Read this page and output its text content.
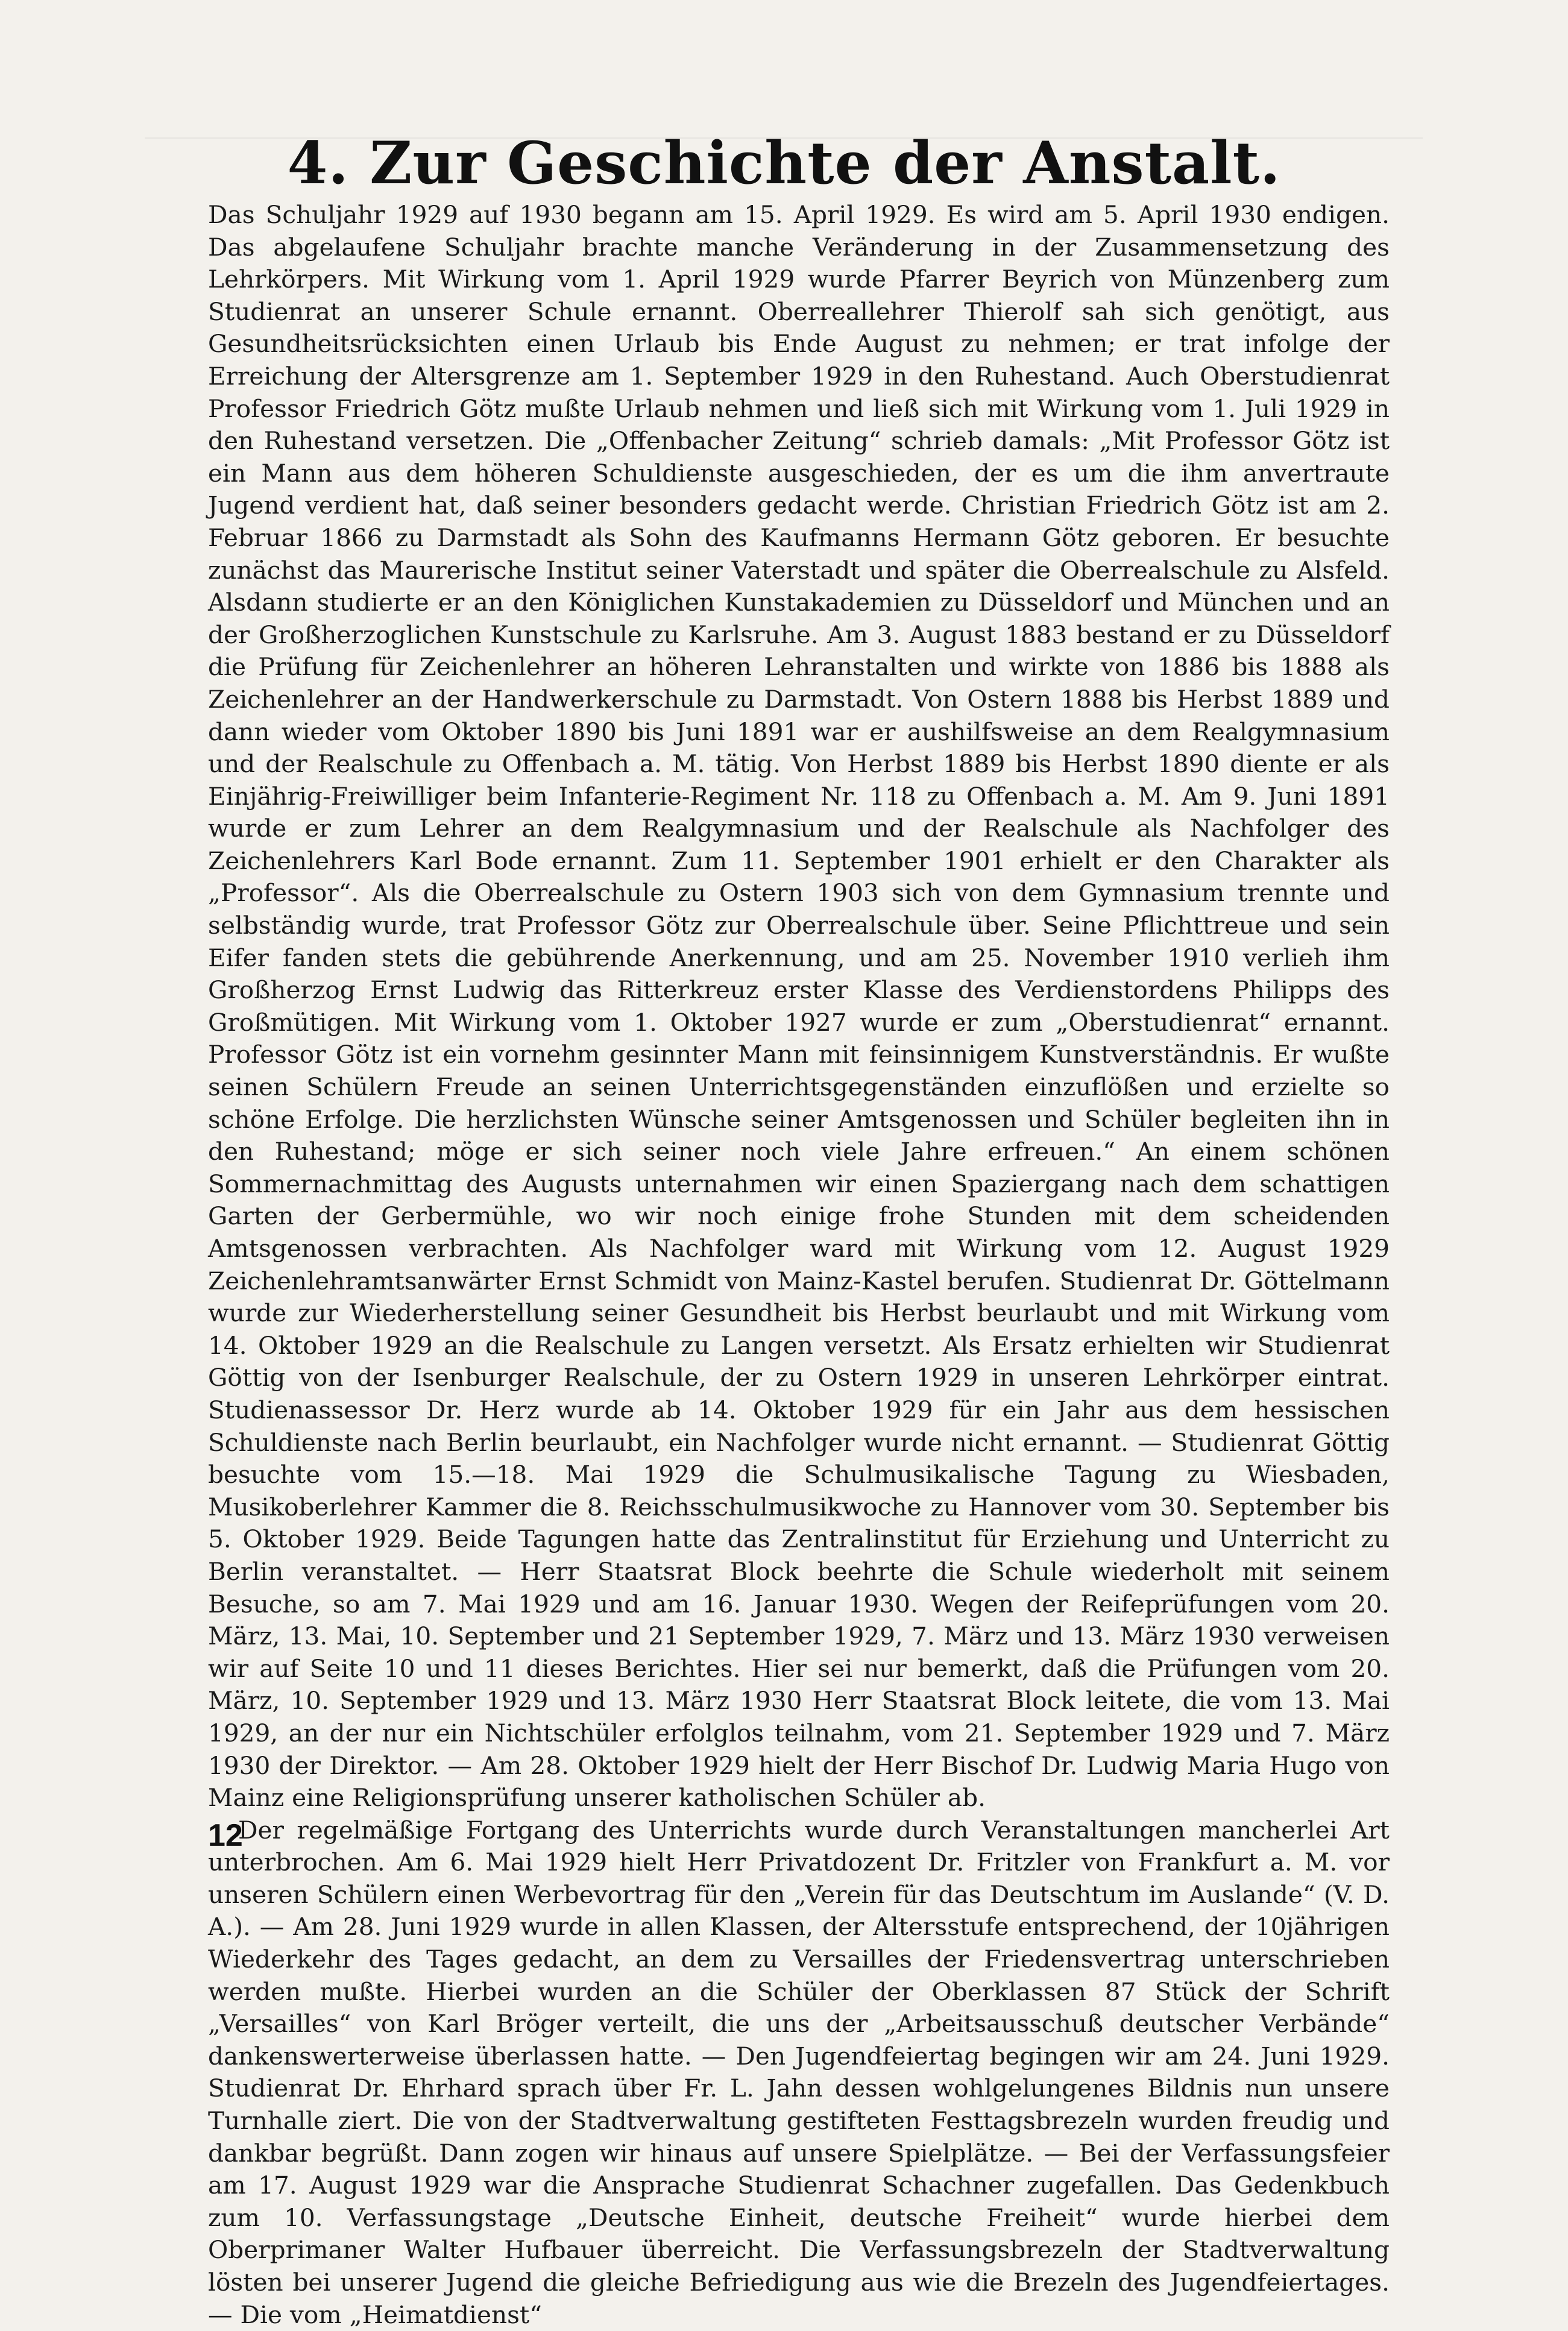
4. Zur Geschichte der Anstalt.

Das Schuljahr 1929 auf 1930 begann am 15. April 1929. Es wird am 5. April 1930 endigen. Das abgelaufene Schuljahr brachte manche Veränderung in der Zusammensetzung des Lehrkörpers. Mit Wirkung vom 1. April 1929 wurde Pfarrer Beyrich von Münzenberg zum Studienrat an unserer Schule ernannt. Oberreallehrer Thierolf sah sich genötigt, aus Gesundheitsrücksichten einen Urlaub bis Ende August zu nehmen; er trat infolge der Erreichung der Altersgrenze am 1. September 1929 in den Ruhestand. Auch Oberstudienrat Professor Friedrich Götz mußte Urlaub nehmen und ließ sich mit Wirkung vom 1. Juli 1929 in den Ruhestand versetzen. Die „Offenbacher Zeitung“ schrieb damals: „Mit Professor Götz ist ein Mann aus dem höheren Schuldienste ausgeschieden, der es um die ihm anvertraute Jugend verdient hat, daß seiner besonders gedacht werde. Christian Friedrich Götz ist am 2. Februar 1866 zu Darmstadt als Sohn des Kaufmanns Hermann Götz geboren. Er besuchte zunächst das Maurerische Institut seiner Vaterstadt und später die Oberrealschule zu Alsfeld. Alsdann studierte er an den Königlichen Kunstakademien zu Düsseldorf und München und an der Großherzoglichen Kunstschule zu Karlsruhe. Am 3. August 1883 bestand er zu Düsseldorf die Prüfung für Zeichenlehrer an höheren Lehranstalten und wirkte von 1886 bis 1888 als Zeichenlehrer an der Handwerkerschule zu Darmstadt. Von Ostern 1888 bis Herbst 1889 und dann wieder vom Oktober 1890 bis Juni 1891 war er aushilfsweise an dem Realgymnasium und der Realschule zu Offenbach a. M. tätig. Von Herbst 1889 bis Herbst 1890 diente er als Einjährig-Freiwilliger beim Infanterie-Regiment Nr. 118 zu Offenbach a. M. Am 9. Juni 1891 wurde er zum Lehrer an dem Realgymnasium und der Realschule als Nachfolger des Zeichenlehrers Karl Bode ernannt. Zum 11. September 1901 erhielt er den Charakter als „Professor“. Als die Oberrealschule zu Ostern 1903 sich von dem Gymnasium trennte und selbständig wurde, trat Professor Götz zur Oberrealschule über. Seine Pflichttreue und sein Eifer fanden stets die gebührende Anerkennung, und am 25. November 1910 verlieh ihm Großherzog Ernst Ludwig das Ritterkreuz erster Klasse des Verdienstordens Philipps des Großmütigen. Mit Wirkung vom 1. Oktober 1927 wurde er zum „Oberstudienrat“ ernannt. Professor Götz ist ein vornehm gesinnter Mann mit feinsinnigem Kunstverständnis. Er wußte seinen Schülern Freude an seinen Unterrichtsgegenständen einzuflößen und erzielte so schöne Erfolge. Die herzlichsten Wünsche seiner Amtsgenossen und Schüler begleiten ihn in den Ruhestand; möge er sich seiner noch viele Jahre erfreuen.“ An einem schönen Sommernachmittag des Augusts unternahmen wir einen Spaziergang nach dem schattigen Garten der Gerbermühle, wo wir noch einige frohe Stunden mit dem scheidenden Amtsgenossen verbrachten. Als Nachfolger ward mit Wirkung vom 12. August 1929 Zeichenlehramtsanwärter Ernst Schmidt von Mainz-Kastel berufen. Studienrat Dr. Göttelmann wurde zur Wiederherstellung seiner Gesundheit bis Herbst beurlaubt und mit Wirkung vom 14. Oktober 1929 an die Realschule zu Langen versetzt. Als Ersatz erhielten wir Studienrat Göttig von der Isenburger Realschule, der zu Ostern 1929 in unseren Lehrkörper eintrat. Studienassessor Dr. Herz wurde ab 14. Oktober 1929 für ein Jahr aus dem hessischen Schuldienste nach Berlin beurlaubt, ein Nachfolger wurde nicht ernannt. — Studienrat Göttig besuchte vom 15.—18. Mai 1929 die Schulmusikalische Tagung zu Wiesbaden, Musikoberlehrer Kammer die 8. Reichsschulmusikwoche zu Hannover vom 30. September bis 5. Oktober 1929. Beide Tagungen hatte das Zentralinstitut für Erziehung und Unterricht zu Berlin veranstaltet. — Herr Staatsrat Block beehrte die Schule wiederholt mit seinem Besuche, so am 7. Mai 1929 und am 16. Januar 1930. Wegen der Reifeprüfungen vom 20. März, 13. Mai, 10. September und 21 September 1929, 7. März und 13. März 1930 verweisen wir auf Seite 10 und 11 dieses Berichtes. Hier sei nur bemerkt, daß die Prüfungen vom 20. März, 10. September 1929 und 13. März 1930 Herr Staatsrat Block leitete, die vom 13. Mai 1929, an der nur ein Nichtschüler erfolglos teilnahm, vom 21. September 1929 und 7. März 1930 der Direktor. — Am 28. Oktober 1929 hielt der Herr Bischof Dr. Ludwig Maria Hugo von Mainz eine Religionsprüfung unserer katholischen Schüler ab.

Der regelmäßige Fortgang des Unterrichts wurde durch Veranstaltungen mancherlei Art unterbrochen. Am 6. Mai 1929 hielt Herr Privatdozent Dr. Fritzler von Frankfurt a. M. vor unseren Schülern einen Werbevortrag für den „Verein für das Deutschtum im Auslande“ (V. D. A.). — Am 28. Juni 1929 wurde in allen Klassen, der Altersstufe entsprechend, der 10jährigen Wiederkehr des Tages gedacht, an dem zu Versailles der Friedensvertrag unterschrieben werden mußte. Hierbei wurden an die Schüler der Oberklassen 87 Stück der Schrift „Versailles“ von Karl Bröger verteilt, die uns der „Arbeitsausschuß deutscher Verbände“ dankenswerterweise überlassen hatte. — Den Jugendfeiertag begingen wir am 24. Juni 1929. Studienrat Dr. Ehrhard sprach über Fr. L. Jahn dessen wohlgelungenes Bildnis nun unsere Turnhalle ziert. Die von der Stadtverwaltung gestifteten Festtagsbrezeln wurden freudig und dankbar begrüßt. Dann zogen wir hinaus auf unsere Spielplätze. — Bei der Verfassungsfeier am 17. August 1929 war die Ansprache Studienrat Schachner zugefallen. Das Gedenkbuch zum 10. Verfassungstage „Deutsche Einheit, deutsche Freiheit“ wurde hierbei dem Oberprimaner Walter Hufbauer überreicht. Die Verfassungsbrezeln der Stadtverwaltung lösten bei unserer Jugend die gleiche Befriedigung aus wie die Brezeln des Jugendfeiertages. — Die vom „Heimatdienst“

12
